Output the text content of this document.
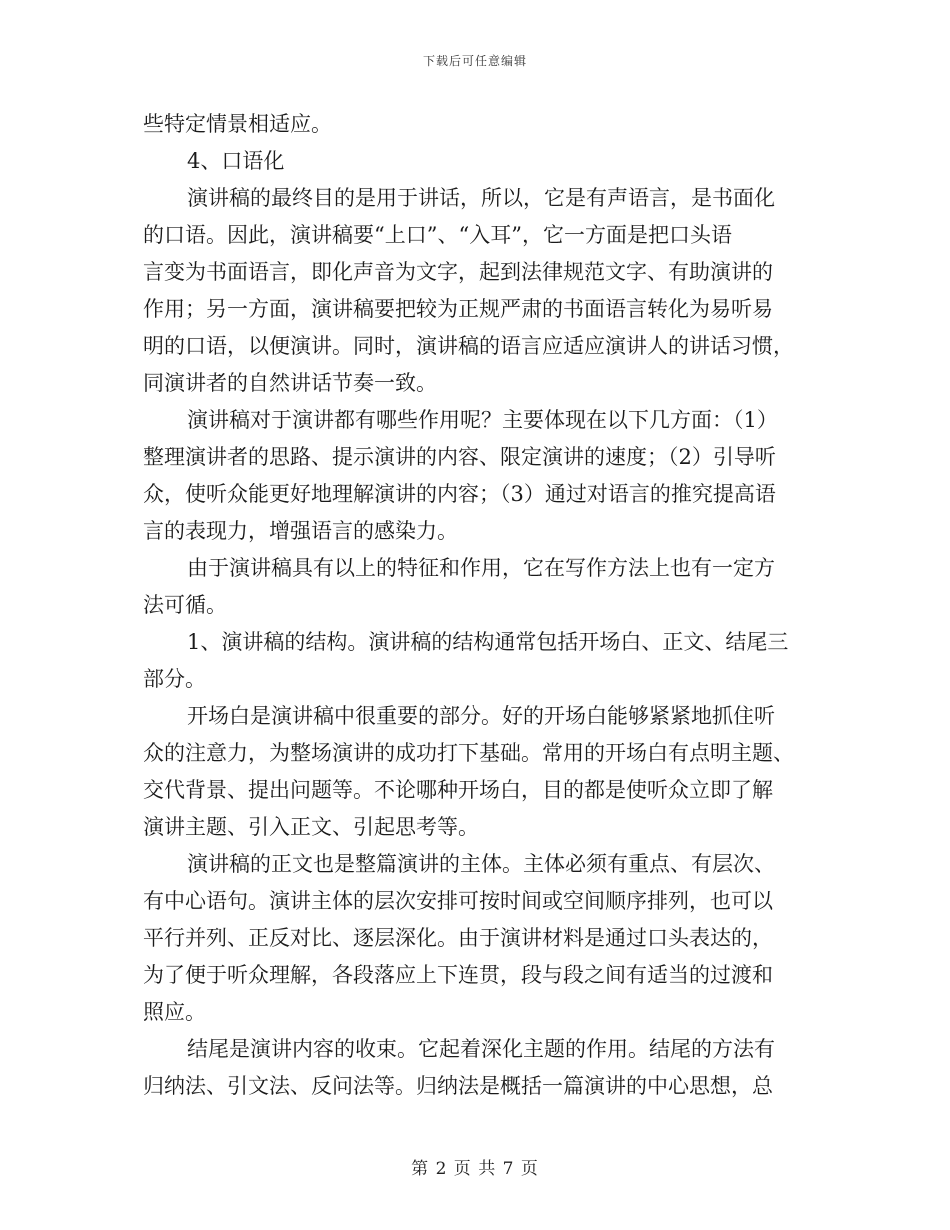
下载后可任意编辑
些特定情景相适应。
4、口语化
演讲稿的最终目的是用于讲话，所以，它是有声语言，是书面化
的口语。因此，演讲稿要“上口”、“入耳”，它一方面是把口头语
言变为书面语言，即化声音为文字，起到法律规范文字、有助演讲的
作用；另一方面，演讲稿要把较为正规严肃的书面语言转化为易听易
明的口语，以便演讲。同时，演讲稿的语言应适应演讲人的讲话习惯，
同演讲者的自然讲话节奏一致。
演讲稿对于演讲都有哪些作用呢？主要体现在以下几方面：（1）
整理演讲者的思路、提示演讲的内容、限定演讲的速度；（2）引导听
众，使听众能更好地理解演讲的内容；（3）通过对语言的推究提高语
言的表现力，增强语言的感染力。
由于演讲稿具有以上的特征和作用，它在写作方法上也有一定方
法可循。
1、演讲稿的结构。演讲稿的结构通常包括开场白、正文、结尾三
部分。
开场白是演讲稿中很重要的部分。好的开场白能够紧紧地抓住听
众的注意力，为整场演讲的成功打下基础。常用的开场白有点明主题、
交代背景、提出问题等。不论哪种开场白，目的都是使听众立即了解
演讲主题、引入正文、引起思考等。
演讲稿的正文也是整篇演讲的主体。主体必须有重点、有层次、
有中心语句。演讲主体的层次安排可按时间或空间顺序排列，也可以
平行并列、正反对比、逐层深化。由于演讲材料是通过口头表达的，
为了便于听众理解，各段落应上下连贯，段与段之间有适当的过渡和
照应。
结尾是演讲内容的收束。它起着深化主题的作用。结尾的方法有
归纳法、引文法、反问法等。归纳法是概括一篇演讲的中心思想，总
第 2 页 共 7 页
